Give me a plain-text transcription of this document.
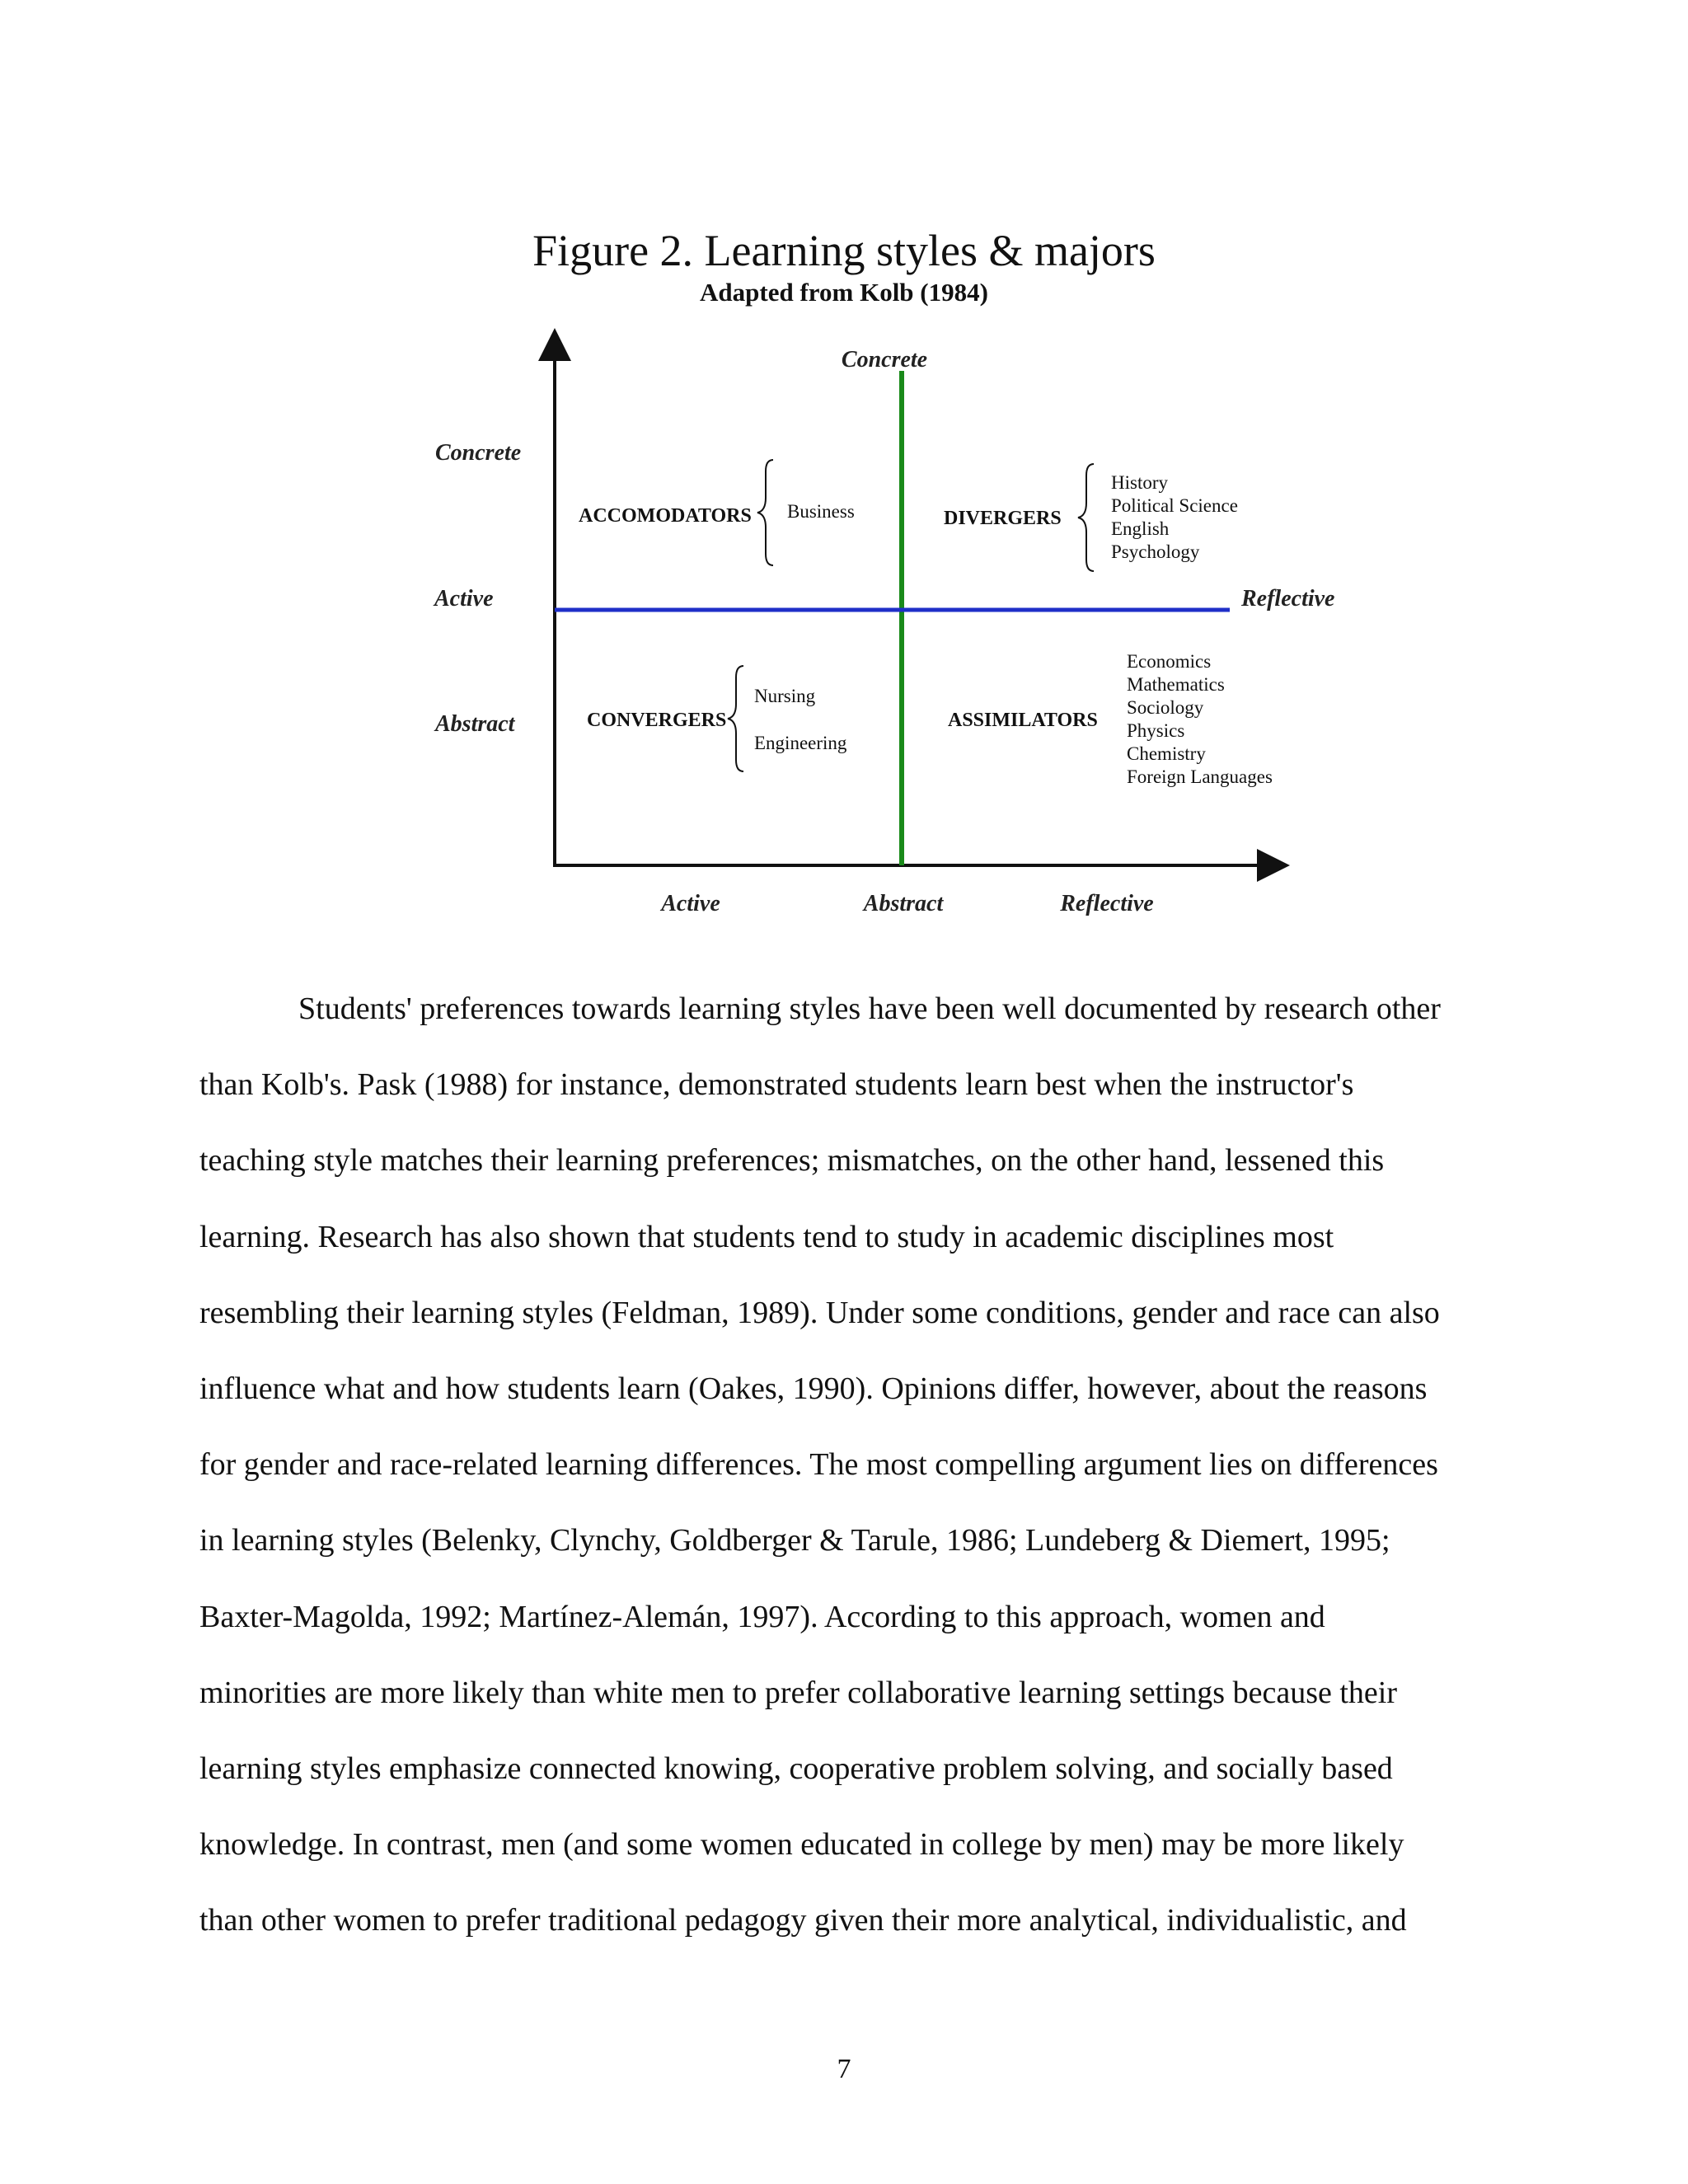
Figure 2. Learning styles & majors
Adapted from Kolb (1984)
Concrete
Concrete
Active
Abstract
Reflective
Active	Abstract	Reflective
ACCOMODATORS Business	DIVERGERS
History
Political Science
English
Psychology
CONVERGERS
Nursing
Engineering
ASSIMILATORS
Economics
Mathematics
Sociology
Physics
Chemistry
Foreign Languages
Students' preferences towards learning styles have been well documented by research other
than Kolb's. Pask (1988) for instance, demonstrated students learn best when the instructor's
teaching style matches their learning preferences; mismatches, on the other hand, lessened this
learning. Research has also shown that students tend to study in academic disciplines most
resembling their learning styles (Feldman, 1989). Under some conditions, gender and race can also
influence what and how students learn (Oakes, 1990). Opinions differ, however, about the reasons
for gender and race-related learning differences. The most compelling argument lies on differences
in learning styles (Belenky, Clynchy, Goldberger & Tarule, 1986; Lundeberg & Diemert, 1995;
Baxter-Magolda, 1992; Martínez-Alemán, 1997). According to this approach, women and
minorities are more likely than white men to prefer collaborative learning settings because their
learning styles emphasize connected knowing, cooperative problem solving, and socially based
knowledge. In contrast, men (and some women educated in college by men) may be more likely
than other women to prefer traditional pedagogy given their more analytical, individualistic, and
7
